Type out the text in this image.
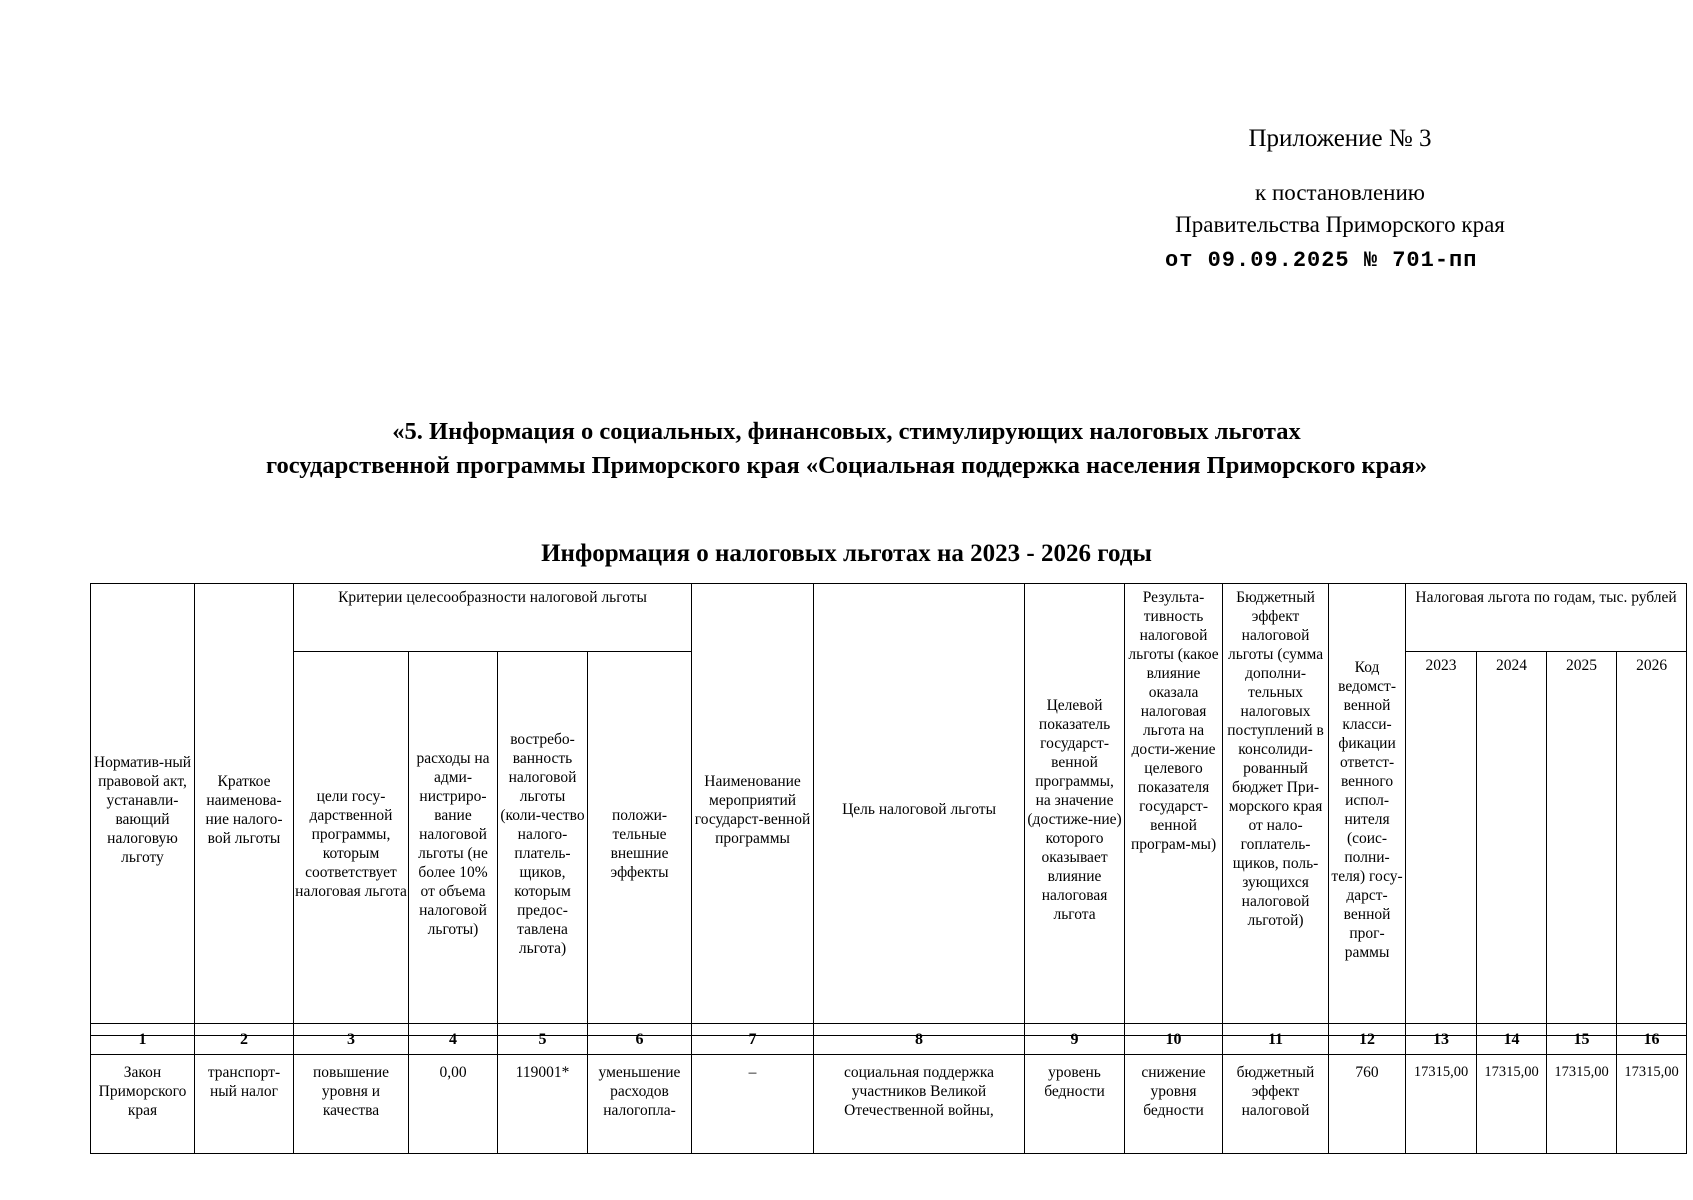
Приложение № 3
к постановлению
Правительства Приморского края
от 09.09.2025 № 701-пп
«5. Информация о социальных, финансовых, стимулирующих налоговых льготах
государственной программы Приморского края «Социальная поддержка населения Приморского края»
Информация о налоговых льготах на 2023 - 2026 годы
Норматив-ный правовой акт, устанавли-вающий налоговую льготу	Краткое наименова-ние налого-вой льготы	Критерии целесообразности налоговой льготы				Наименование мероприятий государст-венной программы	Цель налоговой льготы	Целевой показатель государст-венной программы, на значение (достиже-ние) которого оказывает влияние налоговая льгота	Результа-тивность налоговой льготы (какое влияние оказала налоговая льгота на дости-жение целевого показателя государст-венной програм-мы)	Бюджетный эффект налоговой льготы (сумма дополни-тельных налоговых поступлений в консолиди-рованный бюджет При-морского края от нало-гоплатель-щиков, поль-зующихся налоговой льготой)	Код ведомст-венной класси-фикации ответст-венного испол-нителя (соис-полни-теля) госу-дарст-венной прог-раммы	Налоговая льгота по годам, тыс. рублей			
		цели госу-дарственной программы, которым соответствует налоговая льгота	расходы на адми-нистриро-вание налоговой льготы (не более 10% от объема налоговой льготы)	востребо-ванность налоговой льготы (коли-чество налого-платель-щиков, которым предос-тавлена льгота)	положи-тельные внешние эффекты							2023	2024	2025	2026
1	2	3	4	5	6	7	8	9	10	11	12	13	14	15	16
Закон Приморского края	транспорт-ный налог	повышение уровня и качества	0,00	119001*	уменьшение расходов налогопла-	–	социальная поддержка участников Великой Отечественной войны,	уровень бедности	снижение уровня бедности	бюджетный эффект налоговой	760	17315,00	17315,00	17315,00	17315,00
